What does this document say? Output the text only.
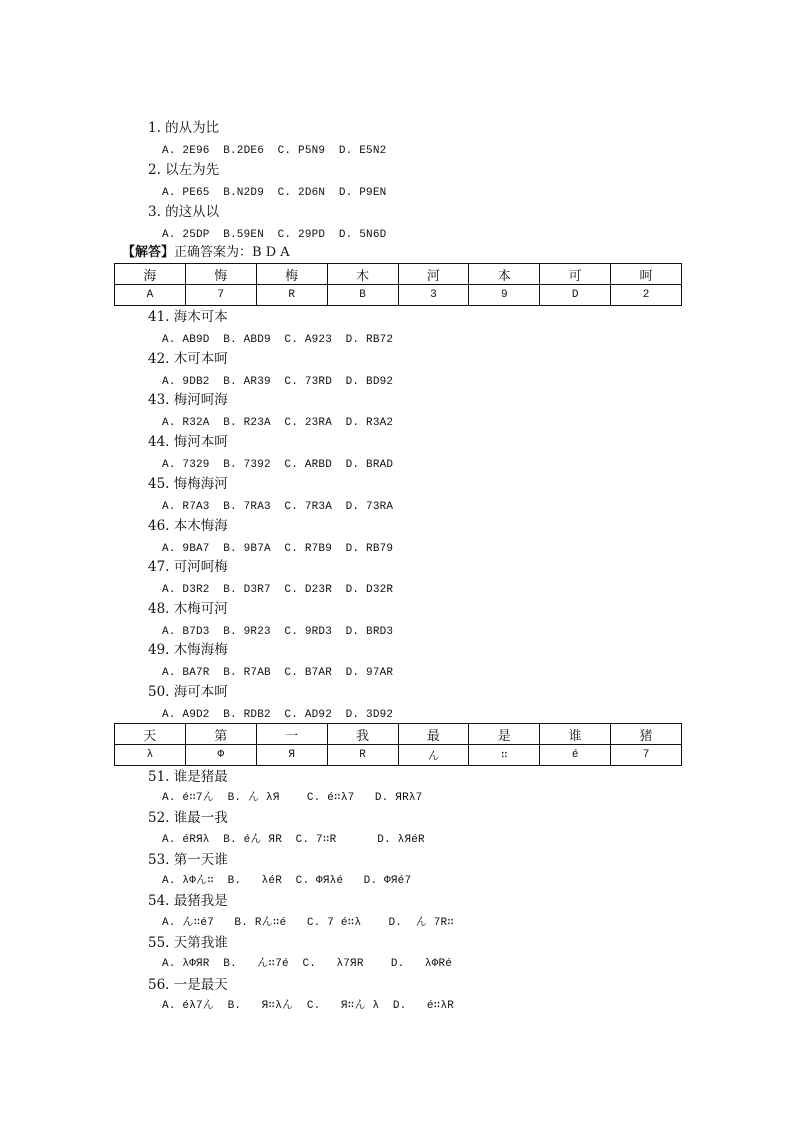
1. 的从为比
A. 2E96  B.2DE6  C. P5N9  D. E5N2
2. 以左为先
A. PE65  B.N2D9  C. 2D6N  D. P9EN
3. 的这从以
A. 25DP  B.59EN  C. 29PD  D. 5N6D
【解答】正确答案为：B D A
海	悔	梅	木	河	本	可	呵
A	7	R	B	3	9	D	2
41. 海木可本
A. AB9D  B. ABD9  C. A923  D. RB72
42. 木可本呵
A. 9DB2  B. AR39  C. 73RD  D. BD92
43. 梅河呵海
A. R32A  B. R23A  C. 23RA  D. R3A2
44. 悔河本呵
A. 7329  B. 7392  C. ARBD  D. BRAD
45. 悔梅海河
A. R7A3  B. 7RA3  C. 7R3A  D. 73RA
46. 本木悔海
A. 9BA7  B. 9B7A  C. R7B9  D. RB79
47. 可河呵梅
A. D3R2  B. D3R7  C. D23R  D. D32R
48. 木梅可河
A. B7D3  B. 9R23  C. 9RD3  D. BRD3
49. 木悔海梅
A. BA7R  B. R7AB  C. B7AR  D. 97AR
50. 海可本呵
A. A9D2  B. RDB2  C. AD92  D. 3D92
天	第	一	我	最	是	谁	猪
λ	Φ	Я	R	ん	∷	é	7
51. 谁是猪最
A. é∷7ん  B. ん λЯ    C. é∷λ7   D. ЯRλ7
52. 谁最一我
A. éRЯλ  B. éん ЯR  C. 7∷R      D. λЯéR
53. 第一天谁
A. λΦん∷  B.   λéR  C. ΦЯλé   D. ΦЯé7
54. 最猪我是
A. ん∷é7   B. Rん∷é   C. 7 é∷λ    D.  ん 7R∷
55. 天第我谁
A. λΦЯR  B.   ん∷7é  C.   λ7ЯR    D.   λΦRé
56. 一是最天
A. éλ7ん  B.   Я∷λん  C.   Я∷ん λ  D.   é∷λR
